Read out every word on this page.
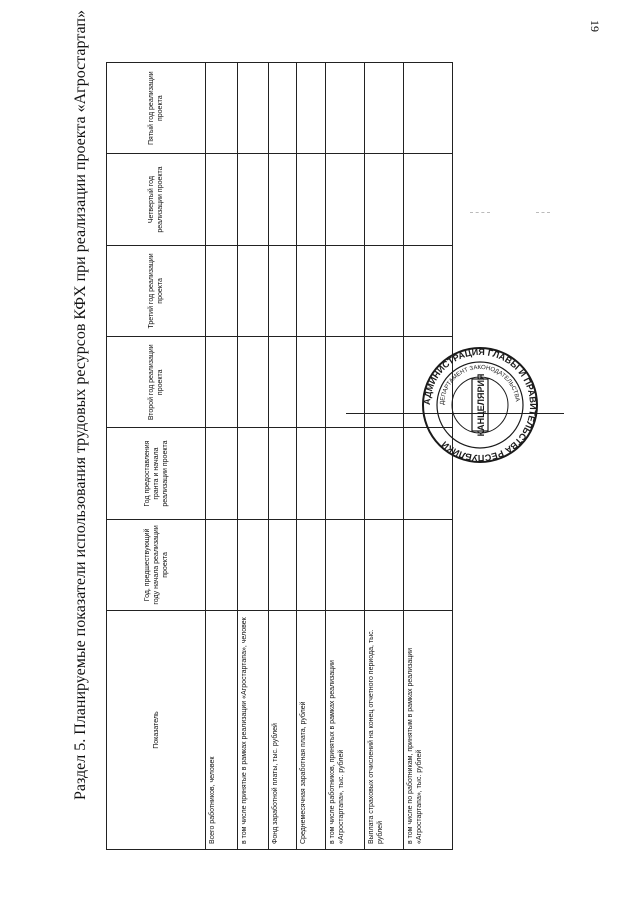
19
Раздел 5. Планируемые показатели использования трудовых ресурсов КФХ при реализации проекта «Агростартап»	Показатель	Год, предшествующий году начала реализации проекта	Год предоставления гранта и начала реализации проекта	Второй год реализации проекта	Третий год реализации проекта	Четвертый год реализации проекта	Пятый год реализации проекта
Всего работников, человек						
в том числе принятые в рамках реализации «Агростартапа», человек						
Фонд заработной платы, тыс. рублей						
Среднемесячная заработная плата, рублей						
в том числе работников, принятых в рамках реализации «Агростартапа», тыс. рублей						
Выплата страховых отчислений на конец отчетного периода, тыс. рублей						
в том числе по работникам, принятым в рамках реализации «Агростартапа», тыс. рублей						
АДМИНИСТРАЦИЯ ГЛАВЫ И ПРАВИТЕЛЬСТВА РЕСПУБЛИКИ
ДЕПАРТАМЕНТ ЗАКОНОДАТЕЛЬСТВА
КАНЦЕЛЯРИЯ
